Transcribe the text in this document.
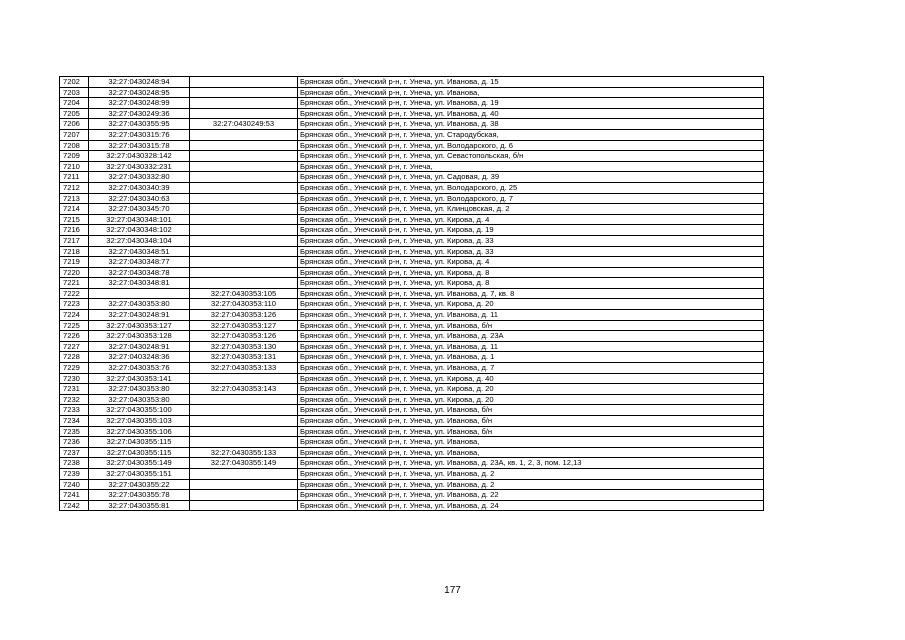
7202	32:27:0430248:94		Брянская обл., Унечский р-н, г. Унеча, ул. Иванова, д. 15
7203	32:27:0430248:95		Брянская обл., Унечский р-н, г. Унеча, ул. Иванова,
7204	32:27:0430248:99		Брянская обл., Унечский р-н, г. Унеча, ул. Иванова, д. 19
7205	32:27:0430249:36		Брянская обл., Унечский р-н, г. Унеча, ул. Иванова, д. 40
7206	32:27:0430355:95	32:27:0430249:53	Брянская обл., Унечский р-н, г. Унеча, ул. Иванова, д. 38
7207	32:27:0430315:76		Брянская обл., Унечский р-н, г. Унеча, ул. Стародубская,
7208	32:27:0430315:78		Брянская обл., Унечский р-н, г. Унеча, ул. Володарского, д. 6
7209	32:27:0430328:142		Брянская обл., Унечский р-н, г. Унеча, ул. Севастопольская, б/н
7210	32:27:0430332:231		Брянская обл., Унечский р-н, г. Унеча,
7211	32:27:0430332:80		Брянская обл., Унечский р-н, г. Унеча, ул. Садовая, д. 39
7212	32:27:0430340:39		Брянская обл., Унечский р-н, г. Унеча, ул. Володарского, д. 25
7213	32:27:0430340:63		Брянская обл., Унечский р-н, г. Унеча, ул. Володарского, д. 7
7214	32:27:0430345:70		Брянская обл., Унечский р-н, г. Унеча, ул. Клинцовская, д. 2
7215	32:27:0430348:101		Брянская обл., Унечский р-н, г. Унеча, ул. Кирова, д. 4
7216	32:27:0430348:102		Брянская обл., Унечский р-н, г. Унеча, ул. Кирова, д. 19
7217	32:27:0430348:104		Брянская обл., Унечский р-н, г. Унеча, ул. Кирова, д. 33
7218	32:27:0430348:51		Брянская обл., Унечский р-н, г. Унеча, ул. Кирова, д. 33
7219	32:27:0430348:77		Брянская обл., Унечский р-н, г. Унеча, ул. Кирова, д. 4
7220	32:27:0430348:78		Брянская обл., Унечский р-н, г. Унеча, ул. Кирова, д. 8
7221	32:27:0430348:81		Брянская обл., Унечский р-н, г. Унеча, ул. Кирова, д. 8
7222		32:27:0430353:105	Брянская обл., Унечский р-н, г. Унеча, ул. Иванова, д. 7, кв. 8
7223	32:27:0430353:80	32:27:0430353:110	Брянская обл., Унечский р-н, г. Унеча, ул. Кирова, д. 20
7224	32:27:0430248:91	32:27:0430353:126	Брянская обл., Унечский р-н, г. Унеча, ул. Иванова, д. 11
7225	32:27:0430353:127	32:27:0430353:127	Брянская обл., Унечский р-н, г. Унеча, ул. Иванова, б/н
7226	32:27:0430353:128	32:27:0430353:126	Брянская обл., Унечский р-н, г. Унеча, ул. Иванова, д. 23А
7227	32:27:0430248:91	32:27:0430353:130	Брянская обл., Унечский р-н, г. Унеча, ул. Иванова, д. 11
7228	32:27:0403248:36	32:27:0430353:131	Брянская обл., Унечский р-н, г. Унеча, ул. Иванова, д. 1
7229	32:27:0430353:76	32:27:0430353:133	Брянская обл., Унечский р-н, г. Унеча, ул. Иванова, д. 7
7230	32:27:0430353:141		Брянская обл., Унечский р-н, г. Унеча, ул. Кирова, д. 40
7231	32:27:0430353:80	32:27:0430353:143	Брянская обл., Унечский р-н, г. Унеча, ул. Кирова, д. 20
7232	32:27:0430353:80		Брянская обл., Унечский р-н, г. Унеча, ул. Кирова, д. 20
7233	32:27:0430355:100		Брянская обл., Унечский р-н, г. Унеча, ул. Иванова, б/н
7234	32:27:0430355:103		Брянская обл., Унечский р-н, г. Унеча, ул. Иванова, б/н
7235	32:27:0430355:106		Брянская обл., Унечский р-н, г. Унеча, ул. Иванова, б/н
7236	32:27:0430355:115		Брянская обл., Унечский р-н, г. Унеча, ул. Иванова,
7237	32:27:0430355:115	32:27:0430355:133	Брянская обл., Унечский р-н, г. Унеча, ул. Иванова,
7238	32:27:0430355:149	32:27:0430355:149	Брянская обл., Унечский р-н, г. Унеча, ул. Иванова, д. 23А, кв. 1, 2, 3, пом. 12,13
7239	32:27:0430355:151		Брянская обл., Унечский р-н, г. Унеча, ул. Иванова, д. 2
7240	32:27:0430355:22		Брянская обл., Унечский р-н, г. Унеча, ул. Иванова, д. 2
7241	32:27:0430355:78		Брянская обл., Унечский р-н, г. Унеча, ул. Иванова, д. 22
7242	32:27:0430355:81		Брянская обл., Унечский р-н, г. Унеча, ул. Иванова, д. 24
177
